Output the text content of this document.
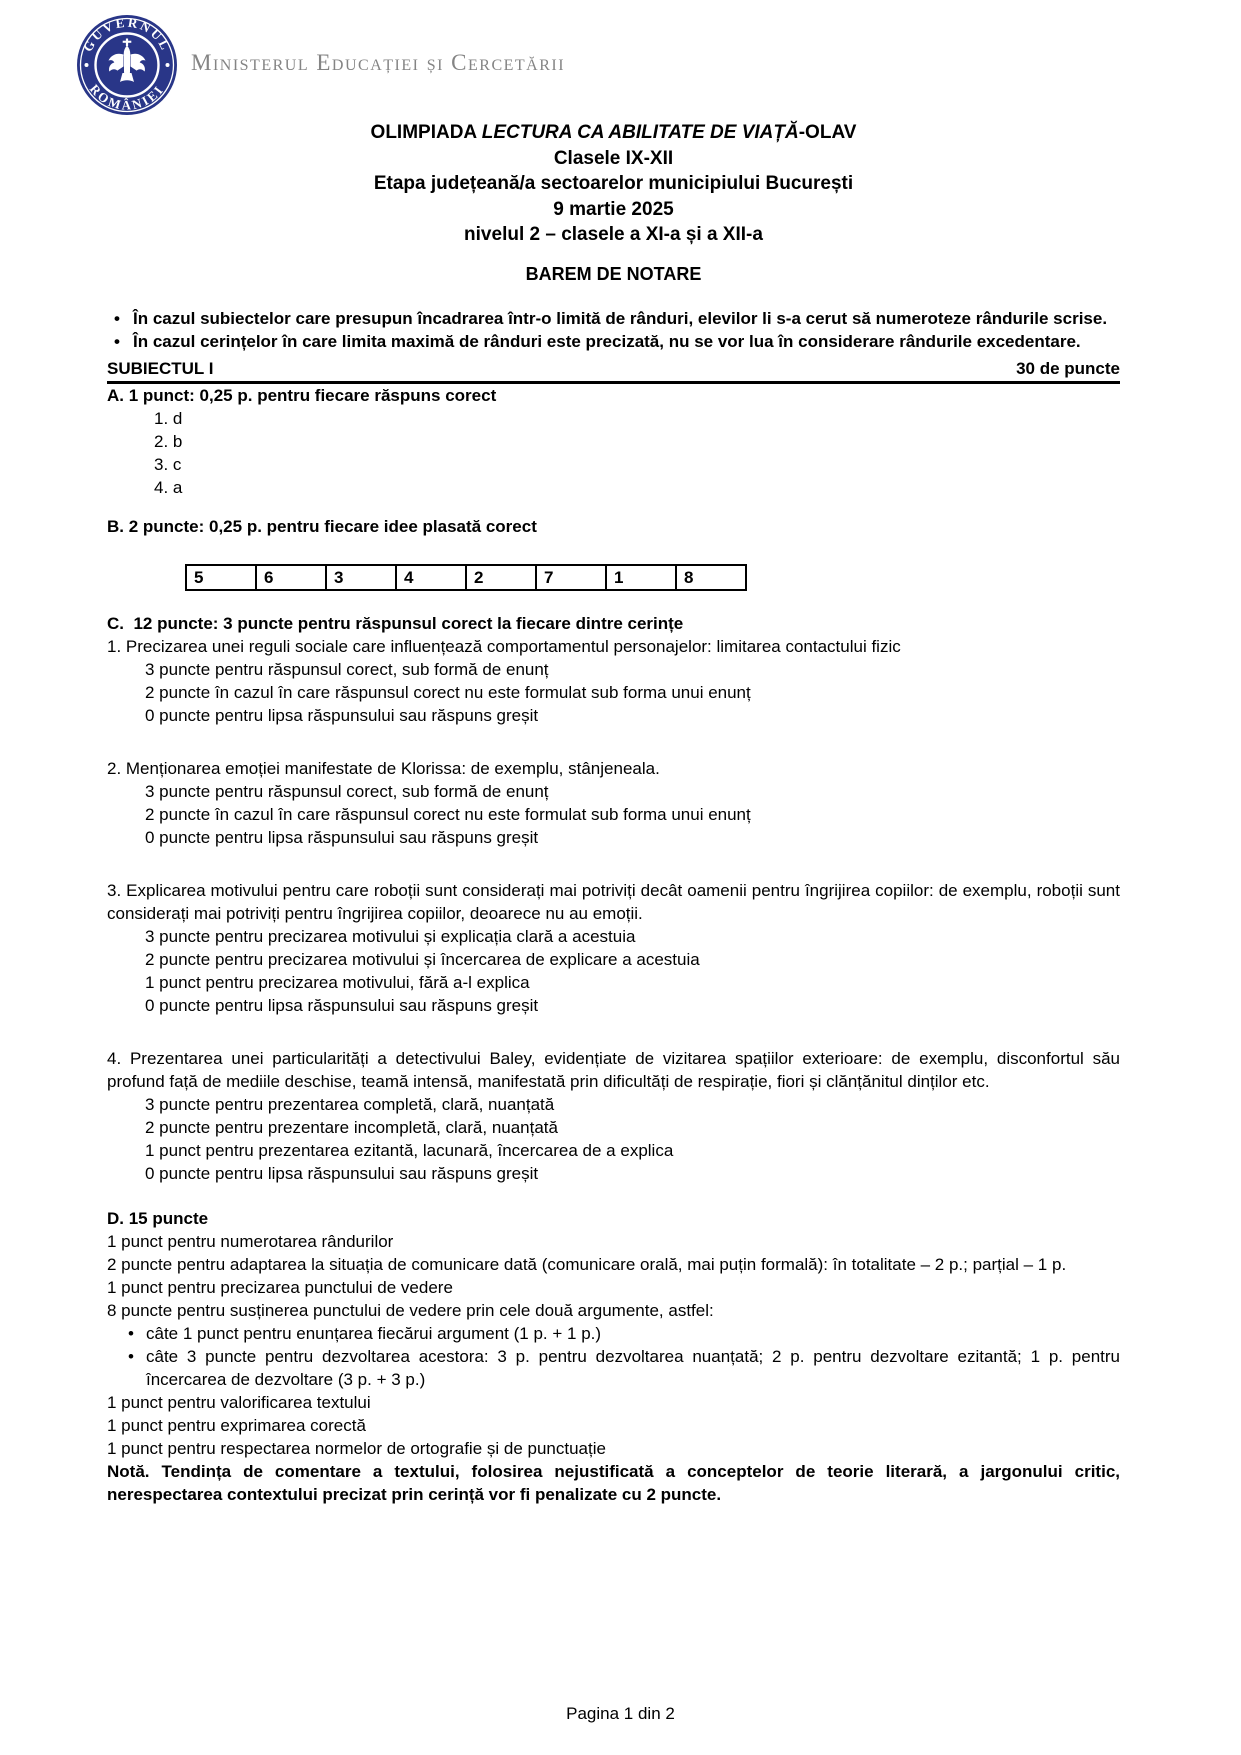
GUVERNUL
ROMÂNIEI
Ministerul Educației și Cercetării
OLIMPIADA LECTURA CA ABILITATE DE VIAȚĂ-OLAV
Clasele IX-XII
Etapa județeană/a sectoarelor municipiului București
9 martie 2025
nivelul 2 – clasele a XI-a și a XII-a
BAREM DE NOTARE
• În cazul subiectelor care presupun încadrarea într-o limită de rânduri, elevilor li s-a cerut să numeroteze rândurile scrise.
• În cazul cerințelor în care limita maximă de rânduri este precizată, nu se vor lua în considerare rândurile excedentare.
SUBIECTUL I	30 de puncte
A. 1 punct: 0,25 p. pentru fiecare răspuns corect
1. d
2. b
3. c
4. a
B. 2 puncte: 0,25 p. pentru fiecare idee plasată corect
5	6	3	4	2	7	1	8
C.  12 puncte: 3 puncte pentru răspunsul corect la fiecare dintre cerințe
1. Precizarea unei reguli sociale care influențează comportamentul personajelor: limitarea contactului fizic
3 puncte pentru răspunsul corect, sub formă de enunț
2 puncte în cazul în care răspunsul corect nu este formulat sub forma unui enunț
0 puncte pentru lipsa răspunsului sau răspuns greșit
2. Menționarea emoției manifestate de Klorissa: de exemplu, stânjeneala.
3 puncte pentru răspunsul corect, sub formă de enunț
2 puncte în cazul în care răspunsul corect nu este formulat sub forma unui enunț
0 puncte pentru lipsa răspunsului sau răspuns greșit
3. Explicarea motivului pentru care roboții sunt considerați mai potriviți decât oamenii pentru îngrijirea copiilor: de exemplu, roboții sunt considerați mai potriviți pentru îngrijirea copiilor, deoarece nu au emoții.
3 puncte pentru precizarea motivului și explicația clară a acestuia
2 puncte pentru precizarea motivului și încercarea de explicare a acestuia
1 punct pentru precizarea motivului, fără a-l explica
0 puncte pentru lipsa răspunsului sau răspuns greșit
4. Prezentarea unei particularități a detectivului Baley, evidențiate de vizitarea spațiilor exterioare: de exemplu, disconfortul său profund față de mediile deschise, teamă intensă, manifestată prin dificultăți de respirație, fiori și clănțănitul dinților etc.
3 puncte pentru prezentarea completă, clară, nuanțată
2 puncte pentru prezentare incompletă, clară, nuanțată
1 punct pentru prezentarea ezitantă, lacunară, încercarea de a explica
0 puncte pentru lipsa răspunsului sau răspuns greșit
D. 15 puncte

1 punct pentru numerotarea rândurilor

2 puncte pentru adaptarea la situația de comunicare dată (comunicare orală, mai puțin formală): în totalitate – 2 p.; parțial – 1 p.

1 punct pentru precizarea punctului de vedere

8 puncte pentru susținerea punctului de vedere prin cele două argumente, astfel:

• câte 1 punct pentru enunțarea fiecărui argument (1 p. + 1 p.)
• câte 3 puncte pentru dezvoltarea acestora: 3 p. pentru dezvoltarea nuanțată; 2 p. pentru dezvoltare ezitantă; 1 p. pentru încercarea de dezvoltare (3 p. + 3 p.)

1 punct pentru valorificarea textului

1 punct pentru exprimarea corectă

1 punct pentru respectarea normelor de ortografie și de punctuație

Notă. Tendința de comentare a textului, folosirea nejustificată a conceptelor de teorie literară, a jargonului critic, nerespectarea contextului precizat prin cerință vor fi penalizate cu 2 puncte.

Pagina 1 din 2
